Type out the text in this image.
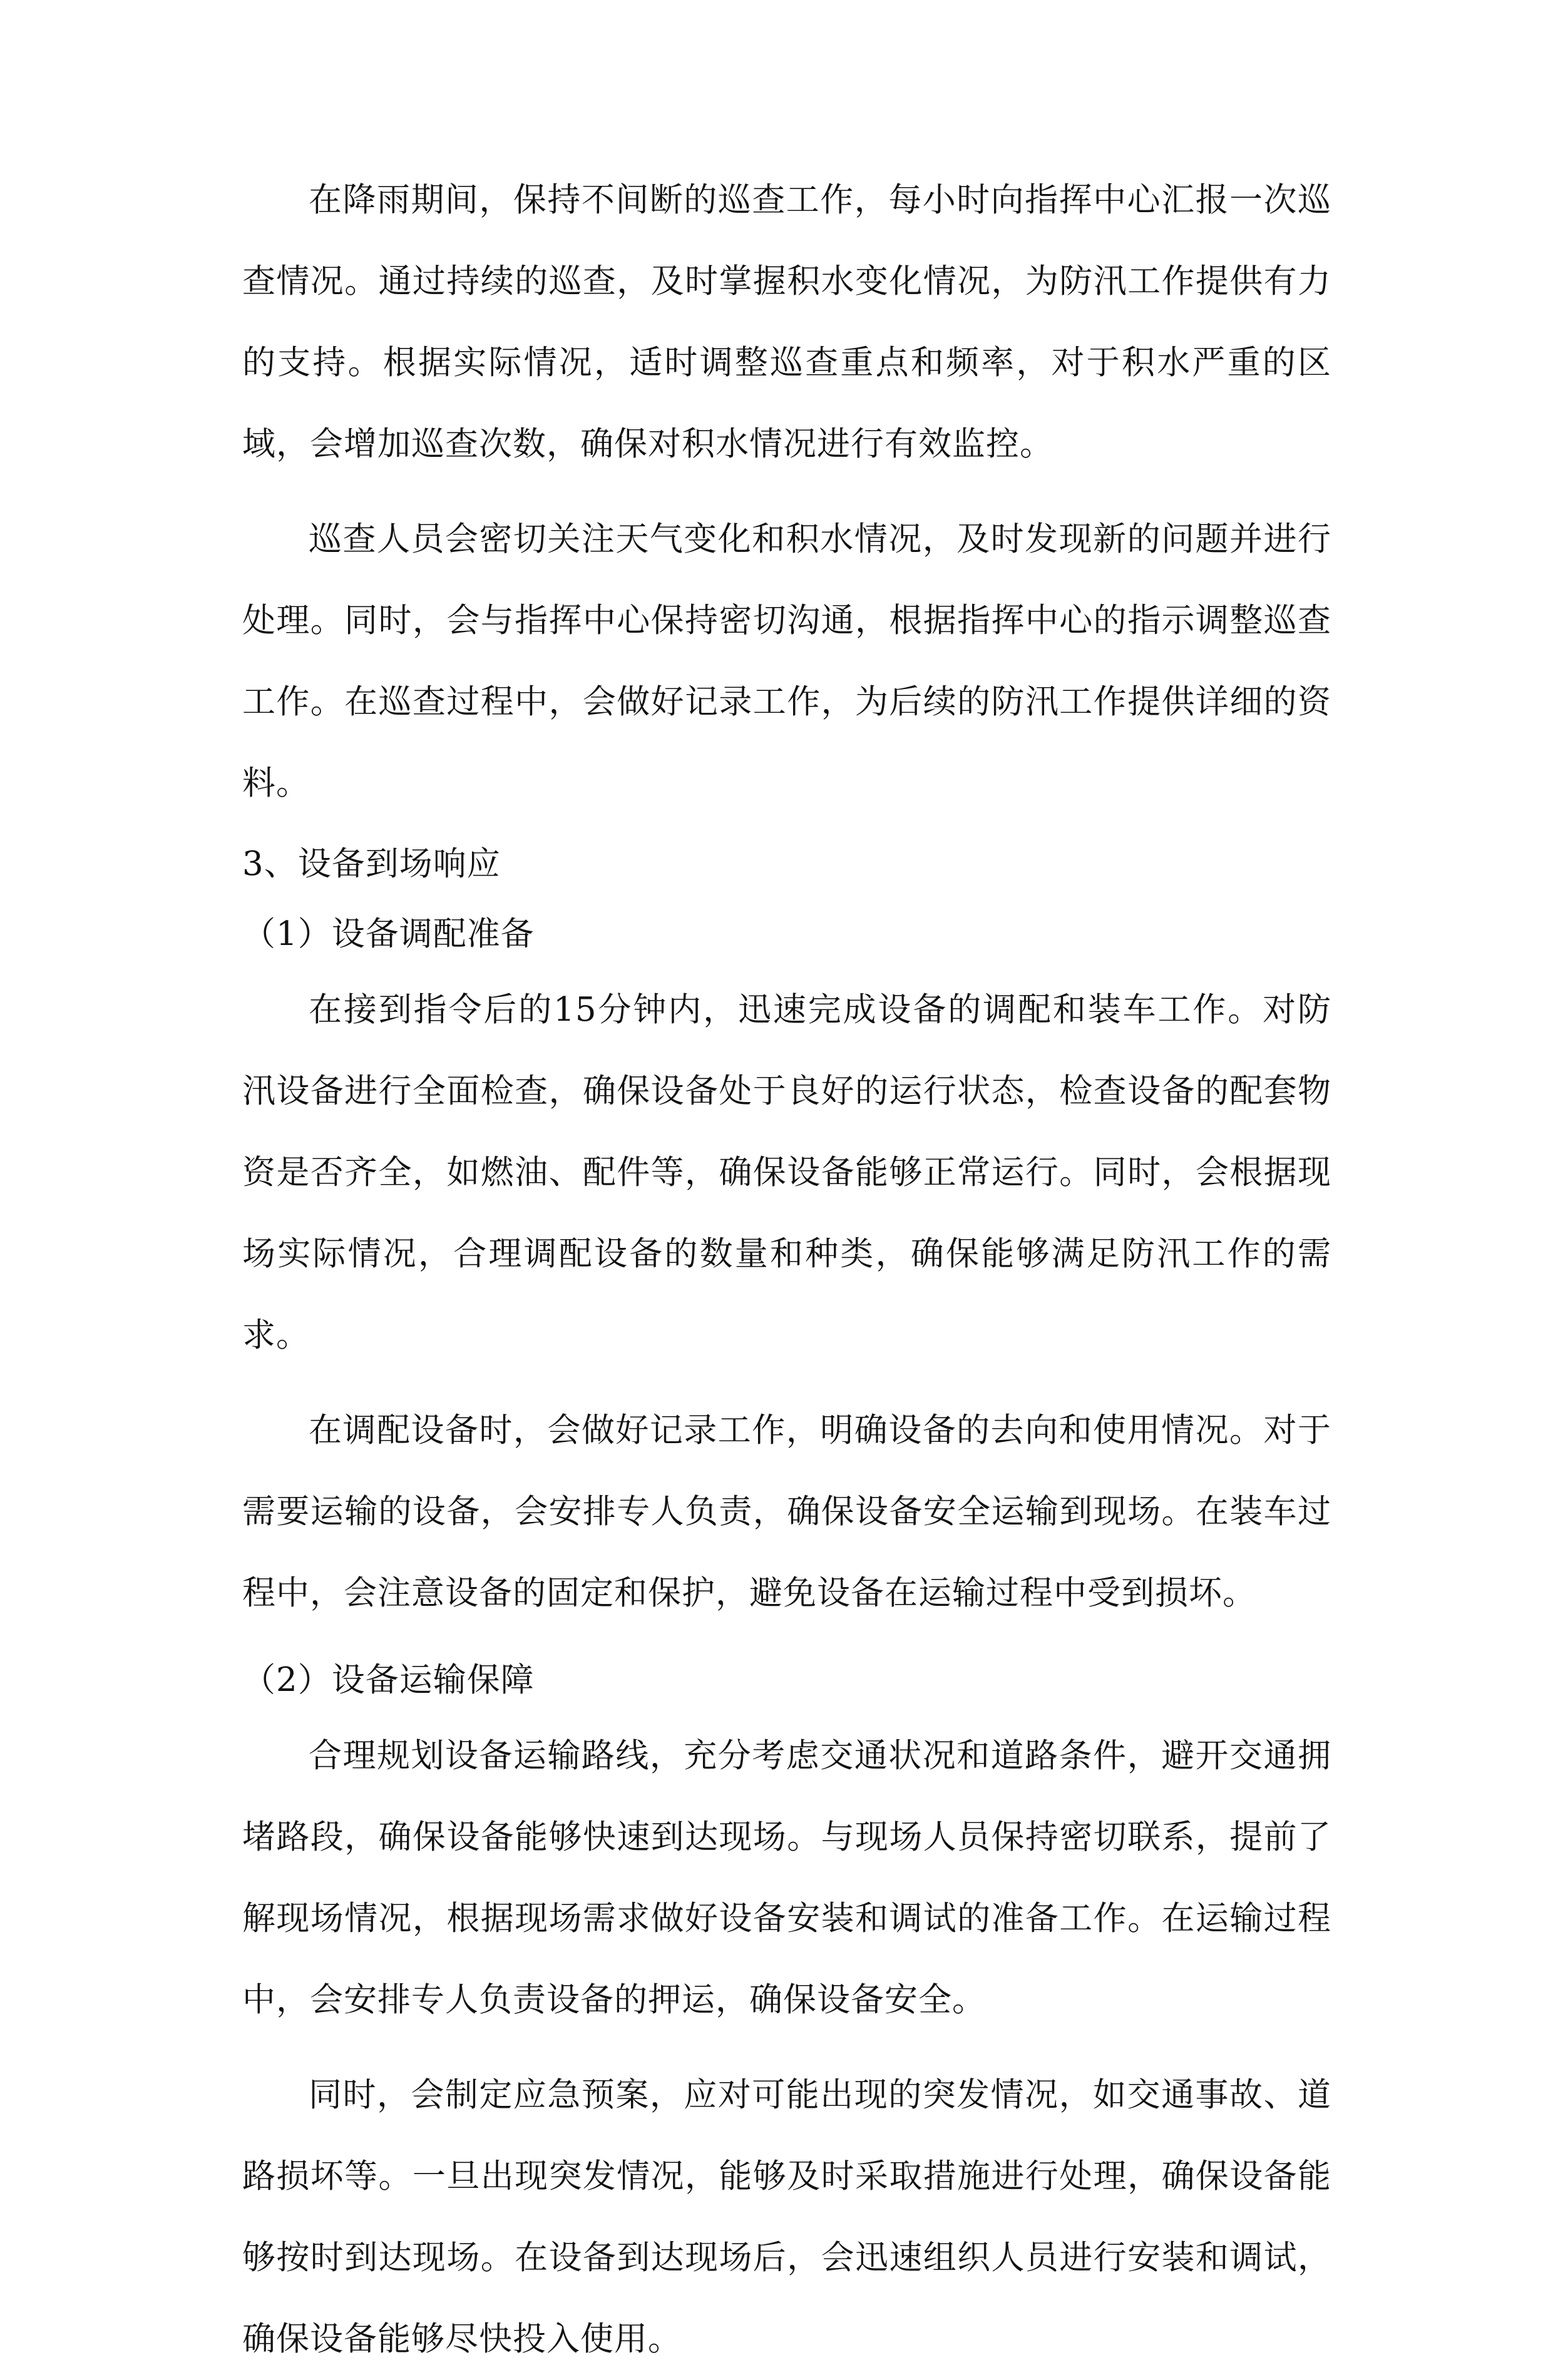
在降雨期间，保持不间断的巡查工作，每小时向指挥中心汇报一次巡查情况。通过持续的巡查，及时掌握积水变化情况，为防汛工作提供有力的支持。根据实际情况，适时调整巡查重点和频率，对于积水严重的区域，会增加巡查次数，确保对积水情况进行有效监控。

巡查人员会密切关注天气变化和积水情况，及时发现新的问题并进行处理。同时，会与指挥中心保持密切沟通，根据指挥中心的指示调整巡查工作。在巡查过程中，会做好记录工作，为后续的防汛工作提供详细的资料。

3、设备到场响应

（1）设备调配准备

在接到指令后的15分钟内，迅速完成设备的调配和装车工作。对防汛设备进行全面检查，确保设备处于良好的运行状态，检查设备的配套物资是否齐全，如燃油、配件等，确保设备能够正常运行。同时，会根据现场实际情况，合理调配设备的数量和种类，确保能够满足防汛工作的需求。

在调配设备时，会做好记录工作，明确设备的去向和使用情况。对于需要运输的设备，会安排专人负责，确保设备安全运输到现场。在装车过程中，会注意设备的固定和保护，避免设备在运输过程中受到损坏。

（2）设备运输保障

合理规划设备运输路线，充分考虑交通状况和道路条件，避开交通拥堵路段，确保设备能够快速到达现场。与现场人员保持密切联系，提前了解现场情况，根据现场需求做好设备安装和调试的准备工作。在运输过程中，会安排专人负责设备的押运，确保设备安全。

同时，会制定应急预案，应对可能出现的突发情况，如交通事故、道路损坏等。一旦出现突发情况，能够及时采取措施进行处理，确保设备能够按时到达现场。在设备到达现场后，会迅速组织人员进行安装和调试，确保设备能够尽快投入使用。
